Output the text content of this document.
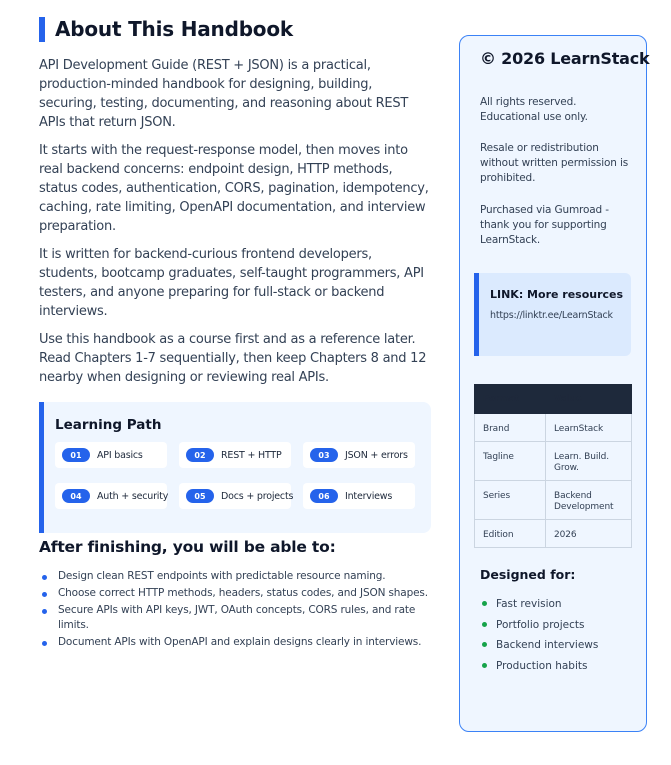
About This Handbook

API Development Guide (REST + JSON) is a practical, production-minded handbook for designing, building, securing, testing, documenting, and reasoning about REST APIs that return JSON.

It starts with the request-response model, then moves into real backend concerns: endpoint design, HTTP methods, status codes, authentication, CORS, pagination, idempotency, caching, rate limiting, OpenAPI documentation, and interview preparation.

It is written for backend-curious frontend developers, students, bootcamp graduates, self-taught programmers, API testers, and anyone preparing for full-stack or backend interviews.

Use this handbook as a course first and as a reference later. Read Chapters 1-7 sequentially, then keep Chapters 8 and 12 nearby when designing or reviewing real APIs.

Learning Path
01	API basics	02	REST + HTTP	03	JSON + errors
04	Auth + security	05	Docs + projects	06	Interviews
After finishing, you will be able to:
Design clean REST endpoints with predictable resource naming.
Choose correct HTTP methods, headers, status codes, and JSON shapes.
Secure APIs with API keys, JWT, OAuth concepts, CORS rules, and rate limits.
Document APIs with OpenAPI and explain designs clearly in interviews.
© 2026 LearnStack

All rights reserved. Educational use only.

Resale or redistribution without written permission is prohibited.

Purchased via Gumroad - thank you for supporting LearnStack.

LINK: More resources
https://linktr.ee/LearnStack
Format	Value
Brand	LearnStack
Tagline	Learn. Build. Grow.
Series	Backend Development
Edition	2026
Designed for:
Fast revision
Portfolio projects
Backend interviews
Production habits
